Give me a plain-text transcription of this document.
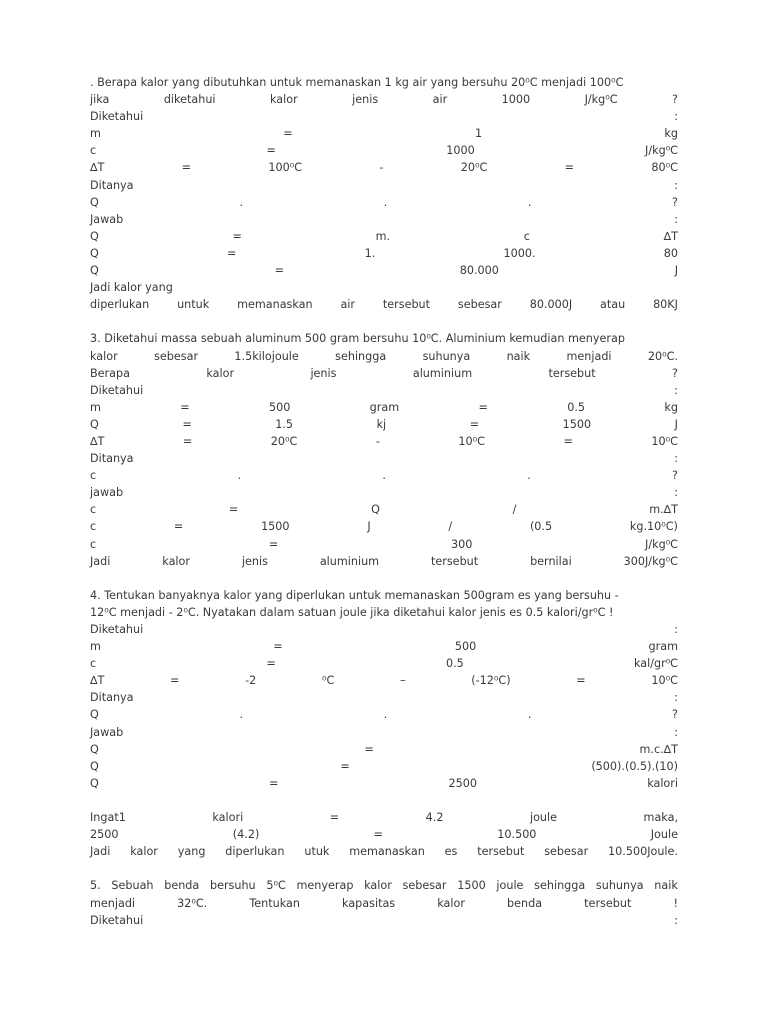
. Berapa kalor yang dibutuhkan untuk memanaskan 1 kg air yang bersuhu 20⁰C menjadi 100⁰C
jika	diketahui	kalor	jenis	air	1000	J/kg⁰C	?
Diketahui	:
m	=	1	kg
c	=	1000	J/kg⁰C
∆T	=	100⁰C	-	20⁰C	=	80⁰C
Ditanya	:
Q	.	.	.	?
Jawab	:
Q	=	m.	c	∆T
Q	=	1.	1000.	80
Q	=	80.000	J
Jadi kalor yang
diperlukan untuk memanaskan air tersebut sebesar 80.000J atau 80KJ
3. Diketahui massa sebuah aluminum 500 gram bersuhu 10⁰C. Aluminium kemudian menyerap
kalor	sebesar	1.5kilojoule	sehingga	suhunya	naik	menjadi	20⁰C.
Berapa	kalor	jenis	aluminium	tersebut	?
Diketahui	:
m	=	500	gram	=	0.5	kg
Q	=	1.5	kj	=	1500	J
∆T	=	20⁰C	-	10⁰C	=	10⁰C
Ditanya	:
c	.	.	.	?
jawab	:
c	=	Q	/	m.∆T
c	=	1500	J	/	(0.5	kg.10⁰C)
c	=	300	J/kg⁰C
Jadi	kalor	jenis	aluminium	tersebut	bernilai	300J/kg⁰C
4. Tentukan banyaknya kalor yang diperlukan untuk memanaskan 500gram es yang bersuhu -
12⁰C menjadi - 2⁰C. Nyatakan dalam satuan joule jika diketahui kalor jenis es 0.5 kalori/gr⁰C !
Diketahui	:
m	=	500	gram
c	=	0.5	kal/gr⁰C
∆T	=	-2	⁰C	–	(-12⁰C)	=	10⁰C
Ditanya	:
Q	.	.	.	?
Jawab	:
Q	=	m.c.∆T
Q	=	(500).(0.5).(10)
Q	=	2500	kalori
Ingat1	kalori	=	4.2	joule	maka,
2500	(4.2)	=	10.500	Joule
Jadi kalor yang diperlukan utuk memanaskan es tersebut sebesar 10.500Joule.
5. Sebuah benda bersuhu 5⁰C menyerap kalor sebesar 1500 joule sehingga suhunya naik
menjadi	32⁰C.	Tentukan	kapasitas	kalor	benda	tersebut	!
Diketahui	:
